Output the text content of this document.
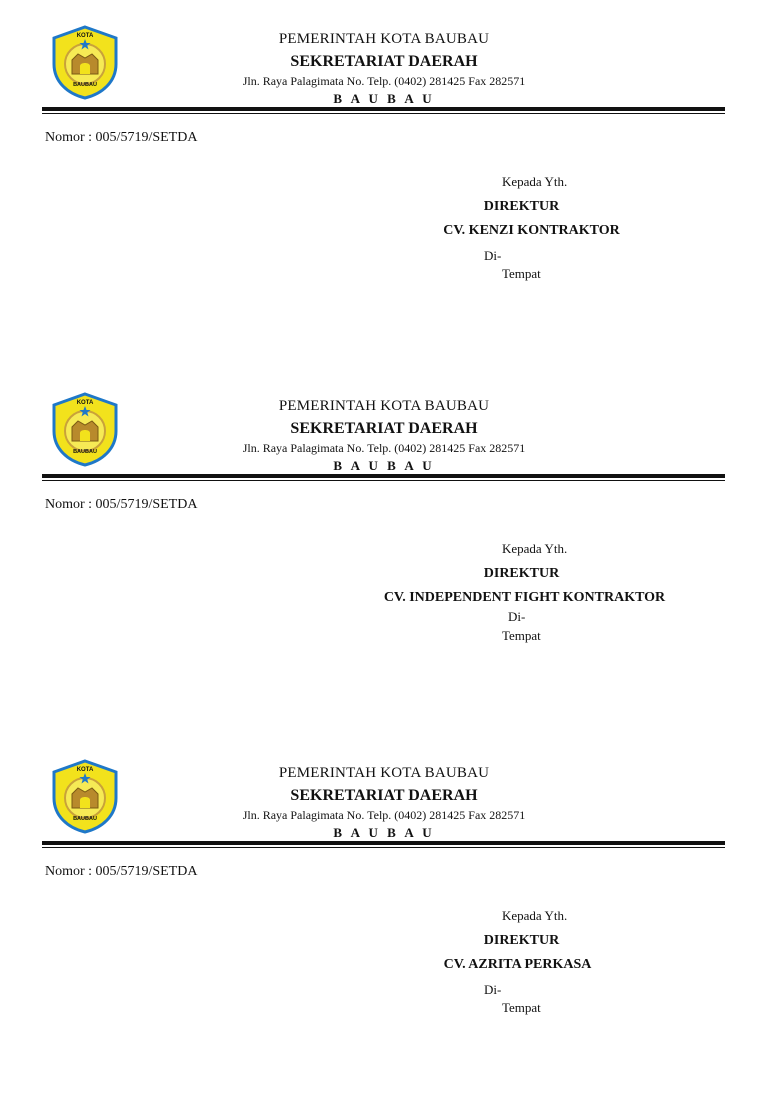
KOTA
BAUBAU
PEMERINTAH KOTA BAUBAU
SEKRETARIAT DAERAH
Jln. Raya Palagimata No. Telp. (0402) 281425 Fax 282571
B A U B A U
Nomor : 005/5719/SETDA
Kepada Yth.
DIREKTUR
CV. KENZI KONTRAKTOR
Di-
Tempat
KOTA
BAUBAU
PEMERINTAH KOTA BAUBAU
SEKRETARIAT DAERAH
Jln. Raya Palagimata No. Telp. (0402) 281425 Fax 282571
B A U B A U
Nomor : 005/5719/SETDA
Kepada Yth.
DIREKTUR
CV. INDEPENDENT FIGHT KONTRAKTOR
Di-
Tempat
KOTA
BAUBAU
PEMERINTAH KOTA BAUBAU
SEKRETARIAT DAERAH
Jln. Raya Palagimata No. Telp. (0402) 281425 Fax 282571
B A U B A U
Nomor : 005/5719/SETDA
Kepada Yth.
DIREKTUR
CV. AZRITA PERKASA
Di-
Tempat
